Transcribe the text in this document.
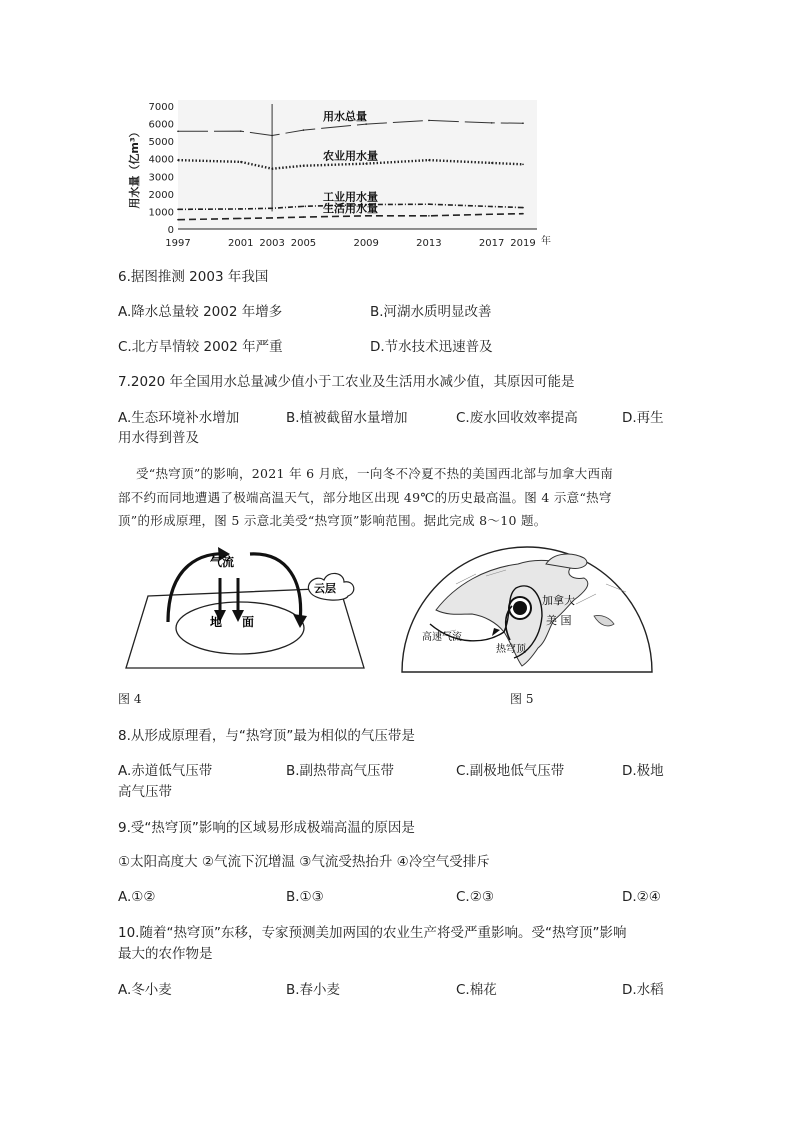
7000
6000
5000
4000
3000
2000
1000
0
用水量（亿m³）
1997	2001 2003 2005	2009	2013	2017 2019 年
用水总量
农业用水量
工业用水量
生活用水量
6.据图推测 2003 年我国
A.降水总量较 2002 年增多	B.河湖水质明显改善
C.北方旱情较 2002 年严重	D.节水技术迅速普及
7.2020 年全国用水总量减少值小于工农业及生活用水减少值，其原因可能是
A.生态环境补水增加	B.植被截留水量增加	C.废水回收效率提高	D.再生
用水得到普及
受“热穹顶”的影响，2021 年 6 月底，一向冬不冷夏不热的美国西北部与加拿大西南
部不约而同地遭遇了极端高温天气，部分地区出现 49℃的历史最高温。图 4 示意“热穹
顶”的形成原理，图 5 示意北美受“热穹顶”影响范围。据此完成 8～10 题。
气流
云层
地 面
图 4
加拿大
美 国
高速气流
热穹顶
图 5
8.从形成原理看，与“热穹顶”最为相似的气压带是
A.赤道低气压带	B.副热带高气压带	C.副极地低气压带	D.极地
高气压带
9.受“热穹顶”影响的区域易形成极端高温的原因是
①太阳高度大 ②气流下沉增温 ③气流受热抬升 ④冷空气受排斥
A.①②	B.①③	C.②③	D.②④
10.随着“热穹顶”东移，专家预测美加两国的农业生产将受严重影响。受“热穹顶”影响
最大的农作物是
A.冬小麦	B.春小麦	C.棉花	D.水稻
